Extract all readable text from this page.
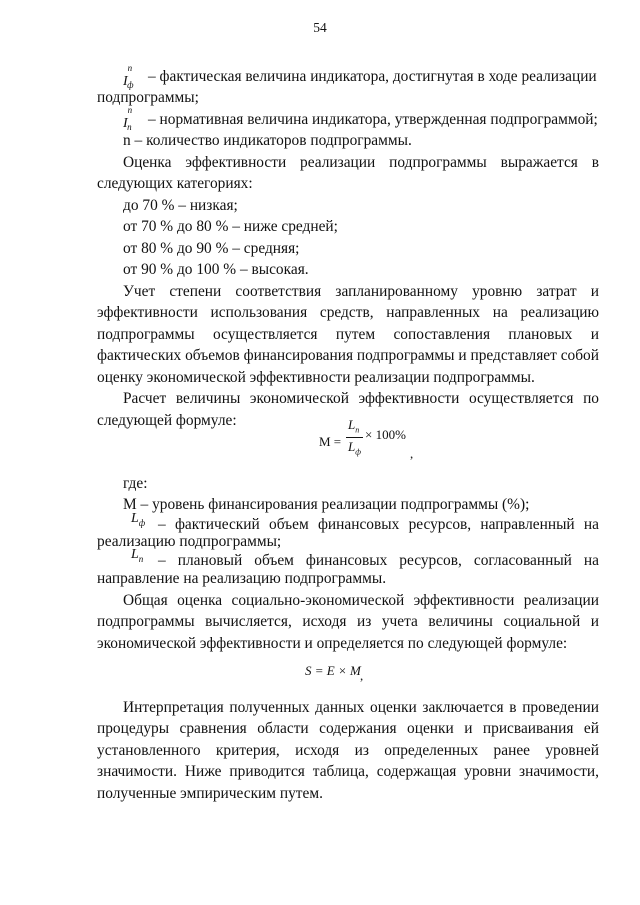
54
$I^n_ф$
– фактическая величина индикатора, достигнутая в ходе реализации
подпрограммы;
$I^n_п$	– нормативная величина индикатора, утвержденная подпрограммой;
n – количество индикаторов подпрограммы.
Оценка эффективности реализации подпрограммы выражается в
следующих категориях:
до 70 % – низкая;
от 70 % до 80 % – ниже средней;
от 80 % до 90 % – средняя;
от 90 % до 100 % – высокая.
Учет степени соответствия запланированному уровню затрат и
эффективности использования средств, направленных на реализацию
подпрограммы осуществляется путем сопоставления плановых и
фактических объемов финансирования подпрограммы и представляет собой
оценку экономической эффективности реализации подпрограммы.
Расчет величины экономической эффективности осуществляется по
следующей формуле:
М =
$L_п$
$L_ф$
× 100%
,
где:
М – уровень финансирования реализации подпрограммы (%);
$L_ф$ – фактический объем финансовых ресурсов, направленный на
реализацию подпрограммы;
$L_п$ – плановый объем финансовых ресурсов, согласованный на
направление на реализацию подпрограммы.
Общая оценка социально-экономической эффективности реализации
подпрограммы вычисляется, исходя из учета величины социальной и
экономической эффективности и определяется по следующей формуле:
S = E × M ,
Интерпретация полученных данных оценки заключается в проведении
процедуры сравнения области содержания оценки и присваивания ей
установленного критерия, исходя из определенных ранее уровней
значимости. Ниже приводится таблица, содержащая уровни значимости,
полученные эмпирическим путем.
